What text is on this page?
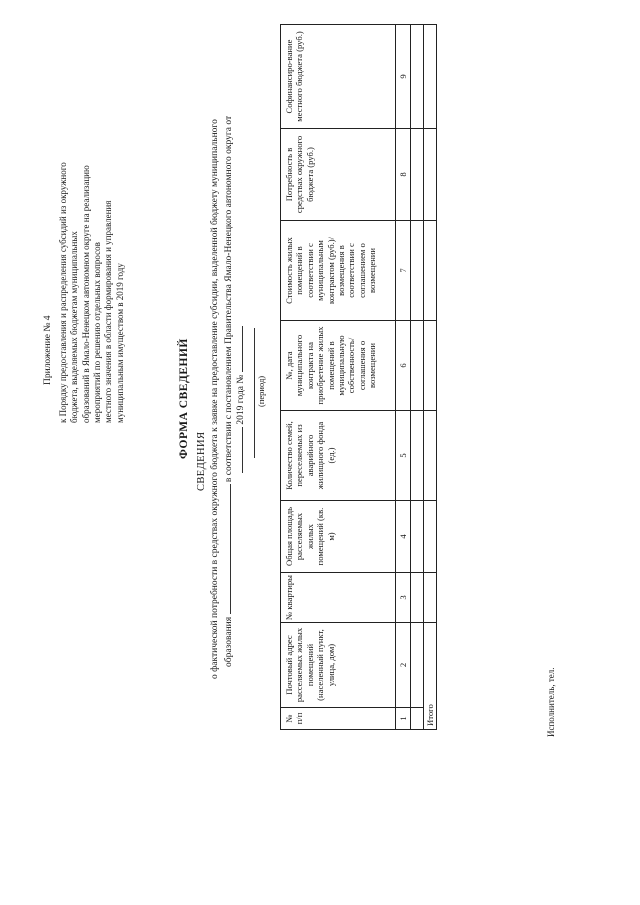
Приложение № 4 к Порядку предоставления и распределения субсидий из окружного бюджета, выделяемых бюджетам муниципальных образований в Ямало-Ненецком автономном округе на реализацию мероприятий по решению отдельных вопросов местного значения в области формирования и управления муниципальным имуществом в 2019 году	ФОРМА СВЕДЕНИЙ
СВЕДЕНИЯ о фактической потребности в средствах окружного бюджета к заявке на предоставление субсидии, выделенной бюджету муниципального образования  в соответствии с постановлением Правительства Ямало-Ненецкого автономного округа от 2019 года № (период)
№ п/п	Почтовый адрес расселяемых жилых помещений (населенный пункт, улица, дом)	№ квартиры	Общая площадь расселяемых жилых помещений (кв. м)	Количество семей, переселяемых из аварийного жилищного фонда (ед.)	№, дата муниципального контракта на приобретение жилых помещений в муниципальную собственность/ соглашения о возмещении	Стоимость жилых помещений в соответствии с муниципальным контрактом (руб.)/ возмещения в соответствии с соглашением о возмещении	Потребность в средствах окружного бюджета (руб.)	Софинансиро-вание местного бюджета (руб.)
1	2	3	4	5	6	7	8	9

Итого									Исполнитель, тел.
